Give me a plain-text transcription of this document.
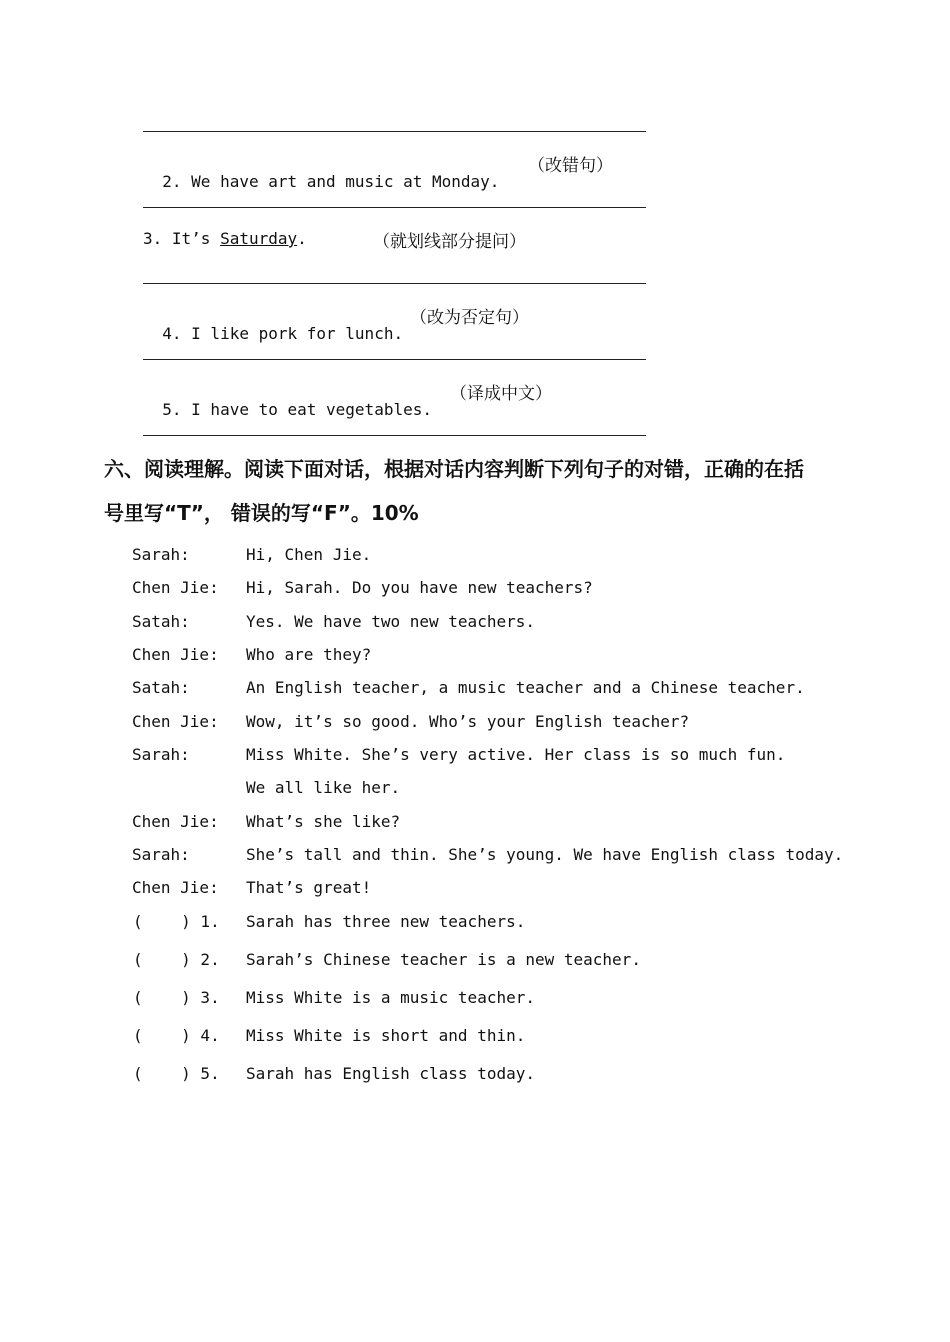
2. We have art and music at Monday.

（改错句）
3. It’s Saturday.	（就划线部分提问）

4. I like pork for lunch.

（改为否定句）

5. I have to eat vegetables.

（译成中文）
六、阅读理解。阅读下面对话，根据对话内容判断下列句子的对错，正确的在括
号里写“T”， 错误的写“F”。10%
Sarah:	Hi, Chen Jie.
Chen Jie: Hi, Sarah. Do you have new teachers?
Satah:	Yes. We have two new teachers.
Chen Jie: Who are they?
Satah:	An English teacher, a music teacher and a Chinese teacher.
Chen Jie: Wow, it’s so good. Who’s your English teacher?
Sarah:	Miss White. She’s very active. Her class is so much fun.
We all like her.
Chen Jie: What’s she like?
Sarah:	She’s tall and thin. She’s young. We have English class today.
Chen Jie: That’s great!
(    ) 1. Sarah has three new teachers.
(    ) 2. Sarah’s Chinese teacher is a new teacher.
(    ) 3. Miss White is a music teacher.
(    ) 4. Miss White is short and thin.
(    ) 5. Sarah has English class today.
